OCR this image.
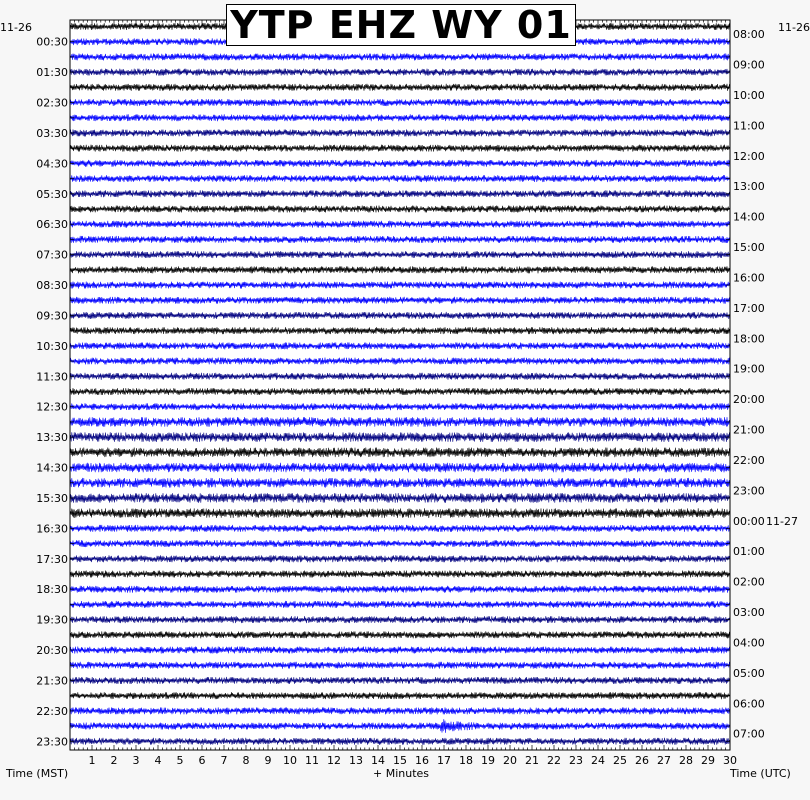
00:30
01:30
02:30
03:30
04:30
05:30
06:30
07:30
08:30
09:30
10:30
11:30
12:30
13:30
14:30
15:30
16:30
17:30
18:30
19:30
20:30
21:30
22:30
23:30
08:00
09:00
10:00
11:00
12:00
13:00
14:00
15:00
16:00
17:00
18:00
19:00
20:00
21:00
22:00
23:00
00:00 11-27
01:00
02:00
03:00
04:00
05:00
06:00
07:00
1 2 3 4 5 6 7 8 9 10 11 12 13 14 15 16 17 18 19 20 21 22 23 24 25 26 27 28 29 30
YTP EHZ WY 01
11-26	11-26
Time (MST)	+ Minutes	Time (UTC)
